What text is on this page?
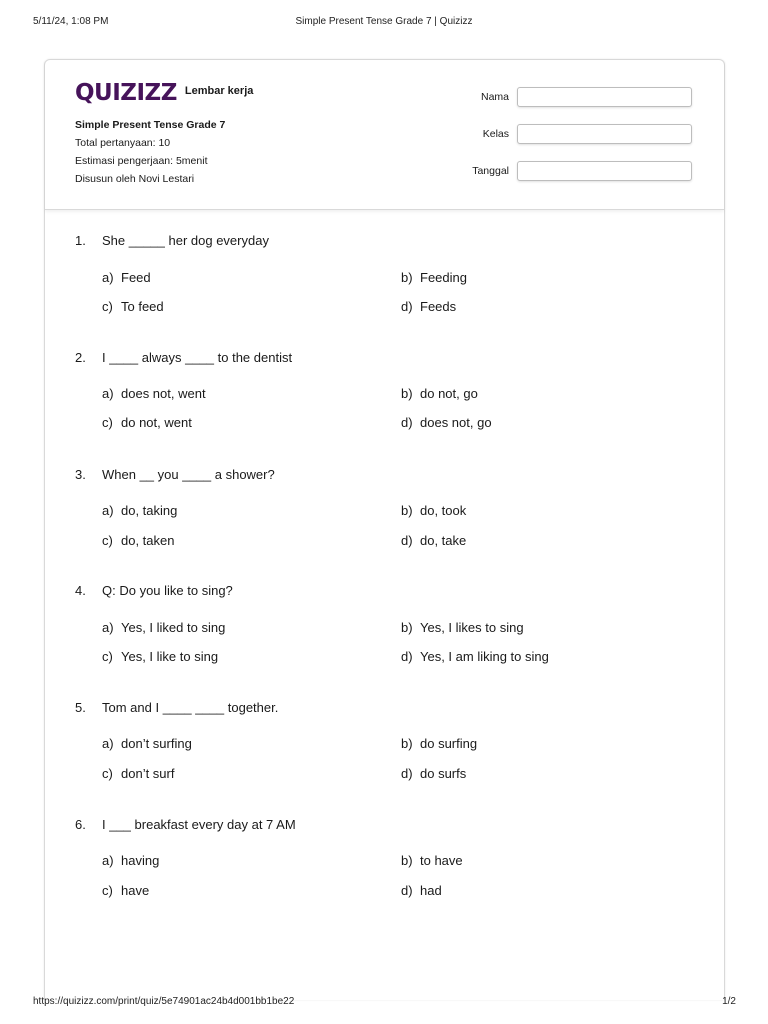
5/11/24, 1:08 PM	Simple Present Tense Grade 7 | Quizizz
QUIZIZZ Lembar kerja
Simple Present Tense Grade 7
Total pertanyaan: 10
Estimasi pengerjaan: 5menit
Disusun oleh Novi Lestari
Nama
Kelas
Tanggal
1.	She _____ her dog everyday
a) Feed	b) Feeding
c) To feed	d) Feeds
2.	I ____ always ____ to the dentist
a) does not, went	b) do not, go
c) do not, went	d) does not, go
3.	When __ you ____ a shower?
a) do, taking	b) do, took
c) do, taken	d) do, take
4.	Q: Do you like to sing?
a) Yes, I liked to sing	b) Yes, I likes to sing
c) Yes, I like to sing	d) Yes, I am liking to sing
5.	Tom and I ____ ____ together.
a) don’t surfing	b) do surfing
c) don’t surf	d) do surfs
6.	I ___ breakfast every day at 7 AM
a) having	b) to have
c) have	d) had
https://quizizz.com/print/quiz/5e74901ac24b4d001bb1be22	1/2
